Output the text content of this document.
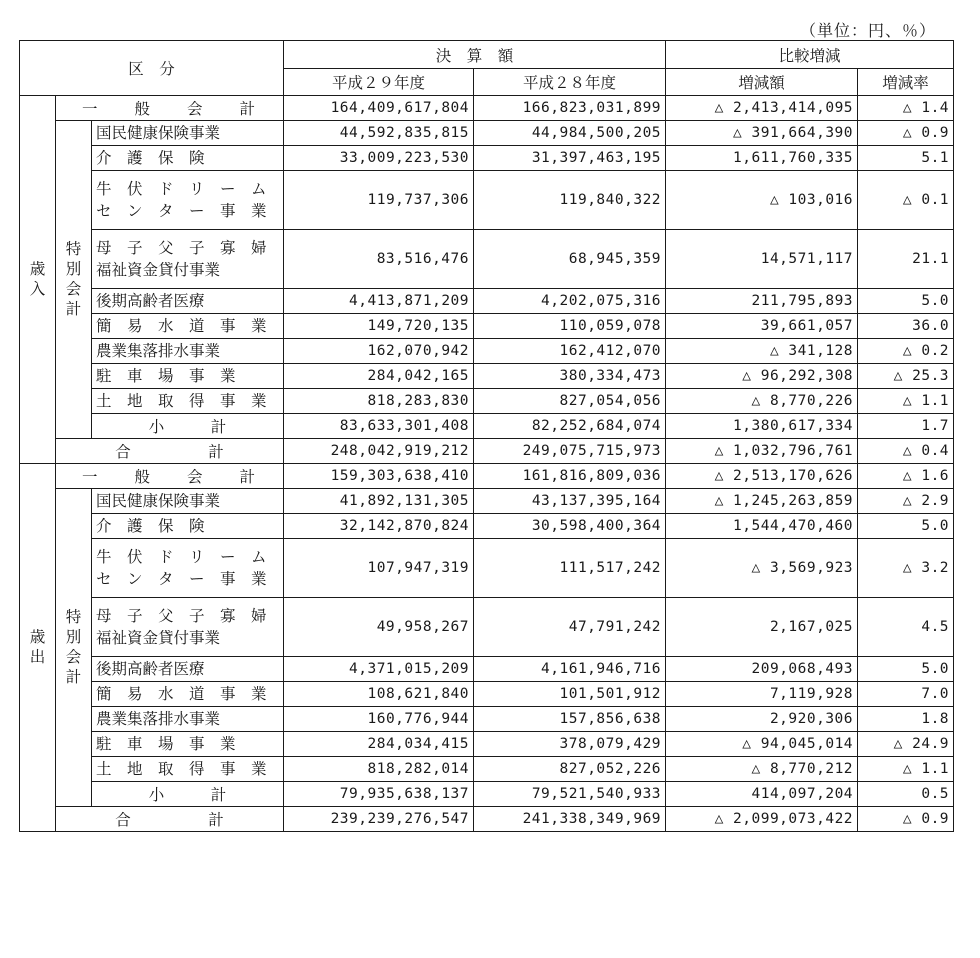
（単位：円、％）
区　分			決　算　額		比較増減	
			平成２９年度	平成２８年度	増減額	増減率
歳入	一　　般　　会　　計		164,409,617,804	166,823,031,899	△ 2,413,414,095	△ 1.4
	特別会計	国民健康保険事業	44,592,835,815	44,984,500,205	△ 391,664,390	△ 0.9

		介　護　保　険	33,009,223,530	31,397,463,195	1,611,760,335	5.1

		牛　伏　ド　リ　ー　ム
セ　ン　タ　ー　事　業	119,737,306	119,840,322	△ 103,016	△ 0.1

		母　子　父　子　寡　婦
福祉資金貸付事業	83,516,476	68,945,359	14,571,117	21.1

		後期高齢者医療	4,413,871,209	4,202,075,316	211,795,893	5.0

		簡　易　水　道　事　業	149,720,135	110,059,078	39,661,057	36.0

		農業集落排水事業	162,070,942	162,412,070	△ 341,128	△ 0.2

		駐　車　場　事　業	284,042,165	380,334,473	△ 96,292,308	△ 25.3

		土　地　取　得　事　業	818,283,830	827,054,056	△ 8,770,226	△ 1.1
		小　　　計	83,633,301,408	82,252,684,074	1,380,617,334	1.7
	合　　　　　計		248,042,919,212	249,075,715,973	△ 1,032,796,761	△ 0.4
歳出	一　　般　　会　　計		159,303,638,410	161,816,809,036	△ 2,513,170,626	△ 1.6
	特別会計	国民健康保険事業	41,892,131,305	43,137,395,164	△ 1,245,263,859	△ 2.9

		介　護　保　険	32,142,870,824	30,598,400,364	1,544,470,460	5.0

		牛　伏　ド　リ　ー　ム
セ　ン　タ　ー　事　業	107,947,319	111,517,242	△ 3,569,923	△ 3.2

		母　子　父　子　寡　婦
福祉資金貸付事業	49,958,267	47,791,242	2,167,025	4.5

		後期高齢者医療	4,371,015,209	4,161,946,716	209,068,493	5.0

		簡　易　水　道　事　業	108,621,840	101,501,912	7,119,928	7.0

		農業集落排水事業	160,776,944	157,856,638	2,920,306	1.8

		駐　車　場　事　業	284,034,415	378,079,429	△ 94,045,014	△ 24.9

		土　地　取　得　事　業	818,282,014	827,052,226	△ 8,770,212	△ 1.1
		小　　　計	79,935,638,137	79,521,540,933	414,097,204	0.5
	合　　　　　計		239,239,276,547	241,338,349,969	△ 2,099,073,422	△ 0.9
